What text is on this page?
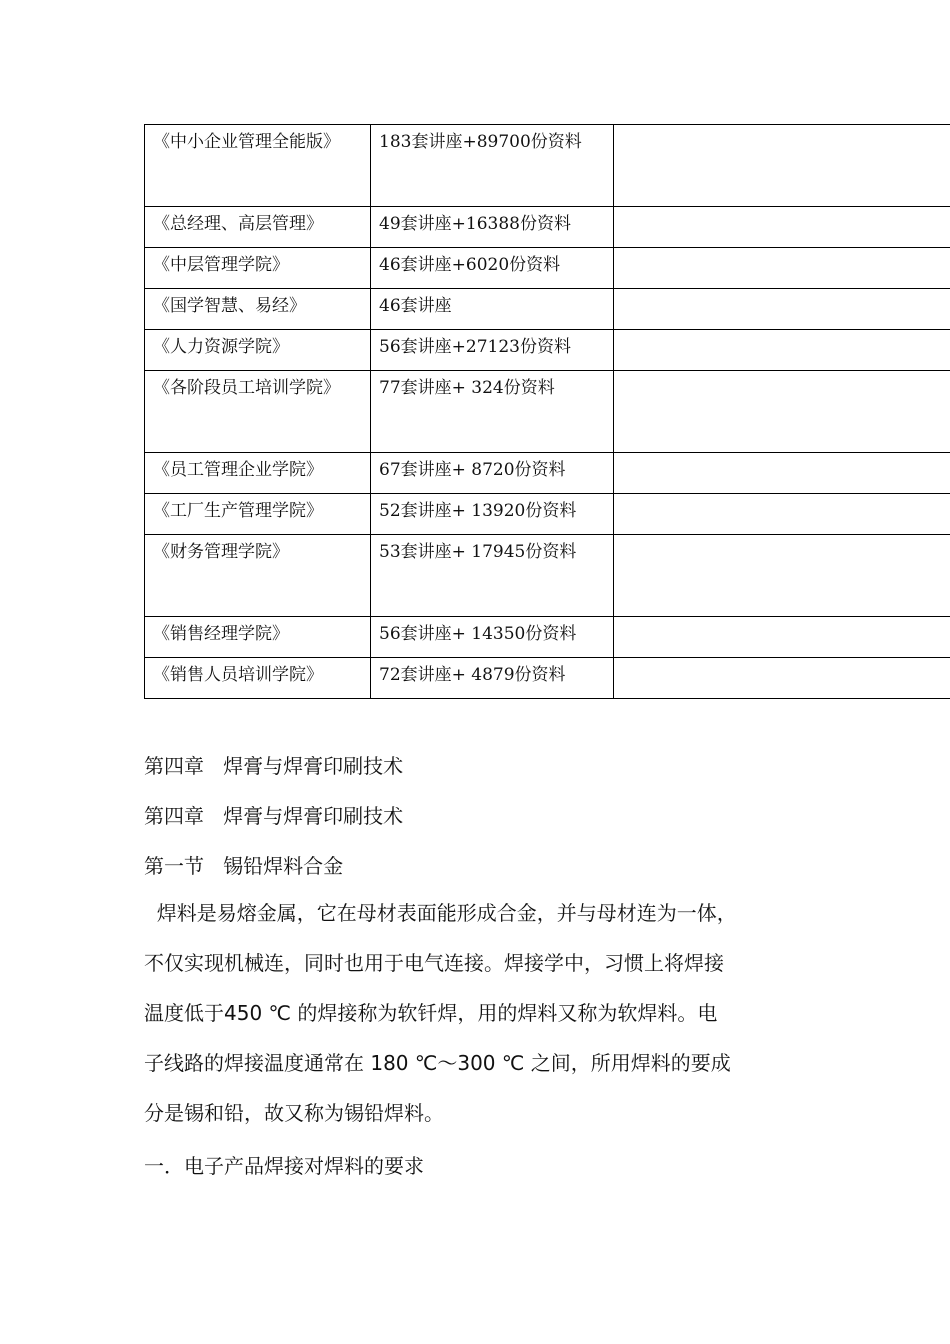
《中小企业管理全能版》	183套讲座+89700份资料	

《总经理、高层管理》	49套讲座+16388份资料	

《中层管理学院》	46套讲座+6020份资料	

《国学智慧、易经》	46套讲座	

《人力资源学院》	56套讲座+27123份资料	

《各阶段员工培训学院》	77套讲座+ 324份资料	

《员工管理企业学院》	67套讲座+ 8720份资料	

《工厂生产管理学院》	52套讲座+ 13920份资料	

《财务管理学院》	53套讲座+ 17945份资料	

《销售经理学院》	56套讲座+ 14350份资料	

《销售人员培训学院》	72套讲座+ 4879份资料	

第四章   焊膏与焊膏印刷技术
第四章   焊膏与焊膏印刷技术
第一节   锡铅焊料合金
焊料是易熔金属，它在母材表面能形成合金，并与母材连为一体，
不仅实现机械连，同时也用于电气连接。焊接学中，习惯上将焊接
温度低于450 ℃ 的焊接称为软钎焊，用的焊料又称为软焊料。电
子线路的焊接温度通常在 180 ℃～300 ℃ 之间，所用焊料的要成
分是锡和铅，故又称为锡铅焊料。
一．电子产品焊接对焊料的要求
